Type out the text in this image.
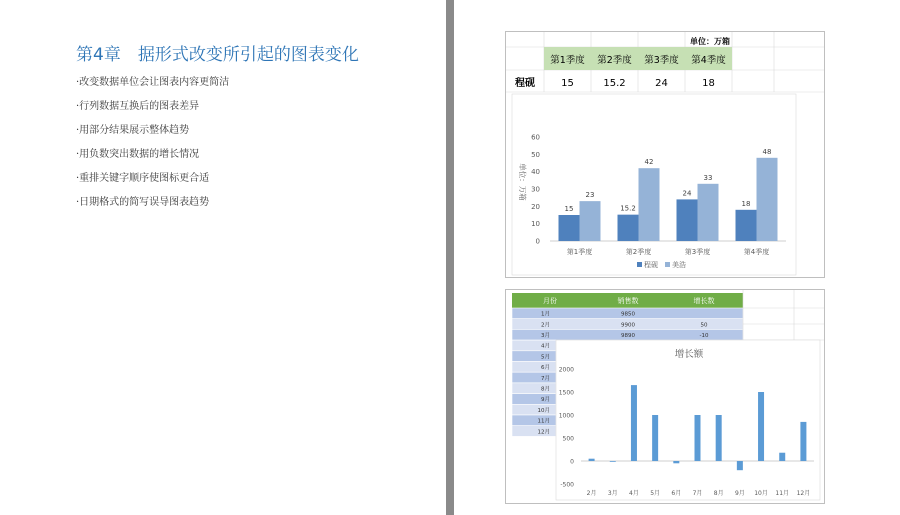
第4章　据形式改变所引起的图表变化
·改变数据单位会让图表内容更简洁
·行列数据互换后的图表差异
·用部分结果展示整体趋势
·用负数突出数据的增长情况
·重排关键字顺序使图标更合适
·日期格式的简写误导图表趋势
单位：万箱
第1季度 第2季度 第3季度 第4季度
程砚	15	15.2	24	18
0
10
20
30
40
50
60
单位：万箱
15
23
15.2
42
24
33
18
48
第1季度	第2季度	第3季度	第4季度
程砚 美浩
月份	销售数	增长数
1月	9850
2月	9900	50
3月	9890	-10
4月
5月
6月
7月
8月
9月
10月
11月
12月
增长额
-500
0
500
1000
1500
2000
2月 3月 4月 5月 6月 7月 8月 9月 10月 11月 12月
